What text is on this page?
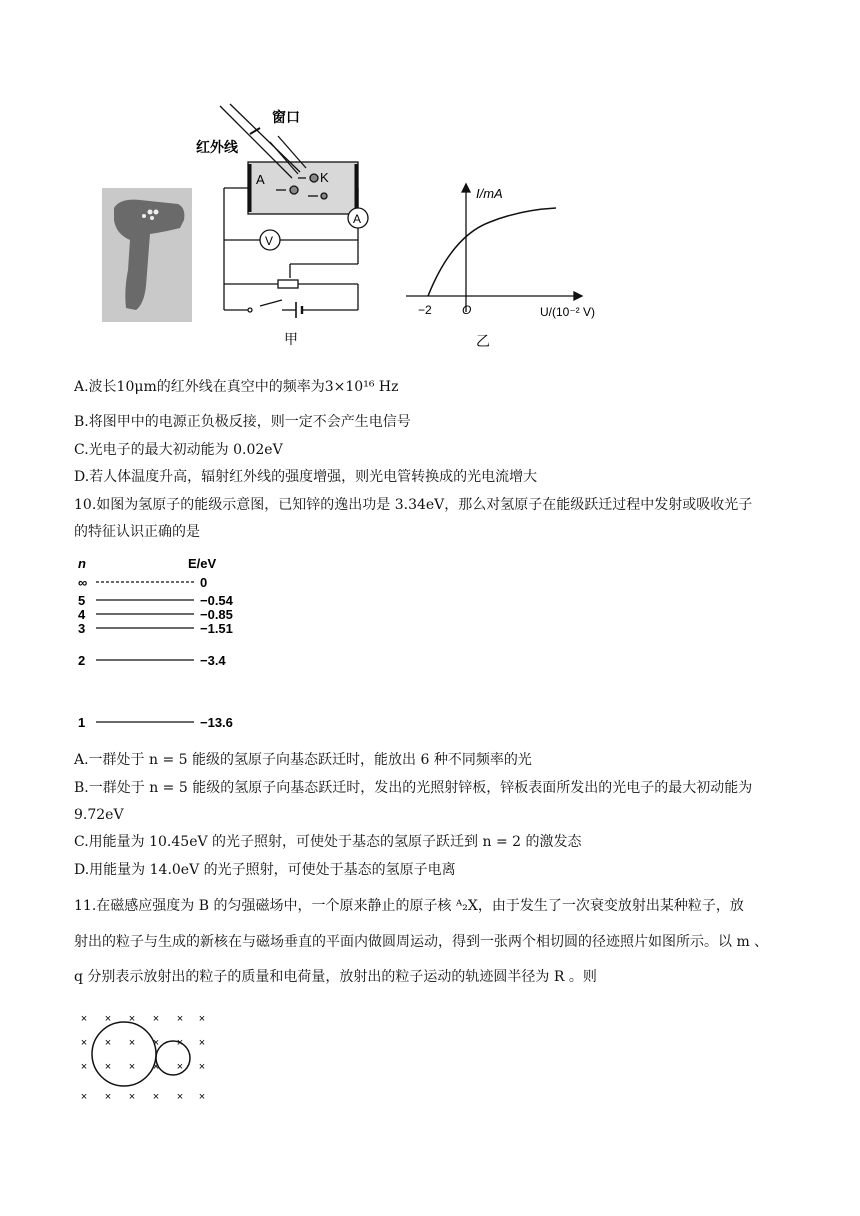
窗口
红外线
A	K
V
A
甲
I/mA
U/(10⁻² V)
−2	O
乙
A.波长10μm的红外线在真空中的频率为3×10¹⁶ Hz
B.将图甲中的电源正负极反接，则一定不会产生电信号
C.光电子的最大初动能为 0.02eV
D.若人体温度升高，辐射红外线的强度增强，则光电管转换成的光电流增大
10.如图为氢原子的能级示意图，已知锌的逸出功是 3.34eV，那么对氢原子在能级跃迁过程中发射或吸收光子
的特征认识正确的是
n	E/eV
∞	0
5	−0.54
4	−0.85
3	−1.51
2	−3.4
1	−13.6
A.一群处于 n = 5 能级的氢原子向基态跃迁时，能放出 6 种不同频率的光
B.一群处于 n = 5 能级的氢原子向基态跃迁时，发出的光照射锌板，锌板表面所发出的光电子的最大初动能为
9.72eV
C.用能量为 10.45eV 的光子照射，可使处于基态的氢原子跃迁到 n = 2 的激发态
D.用能量为 14.0eV 的光子照射，可使处于基态的氢原子电离
11.在磁感应强度为 B 的匀强磁场中，一个原来静止的原子核 ᴬ₂X，由于发生了一次衰变放射出某种粒子，放
射出的粒子与生成的新核在与磁场垂直的平面内做圆周运动，得到一张两个相切圆的径迹照片如图所示。以 m 、
q 分别表示放射出的粒子的质量和电荷量，放射出的粒子运动的轨迹圆半径为 R 。则
× × × × × ×
× × × × × ×
× × × × × ×
× × × × × ×
